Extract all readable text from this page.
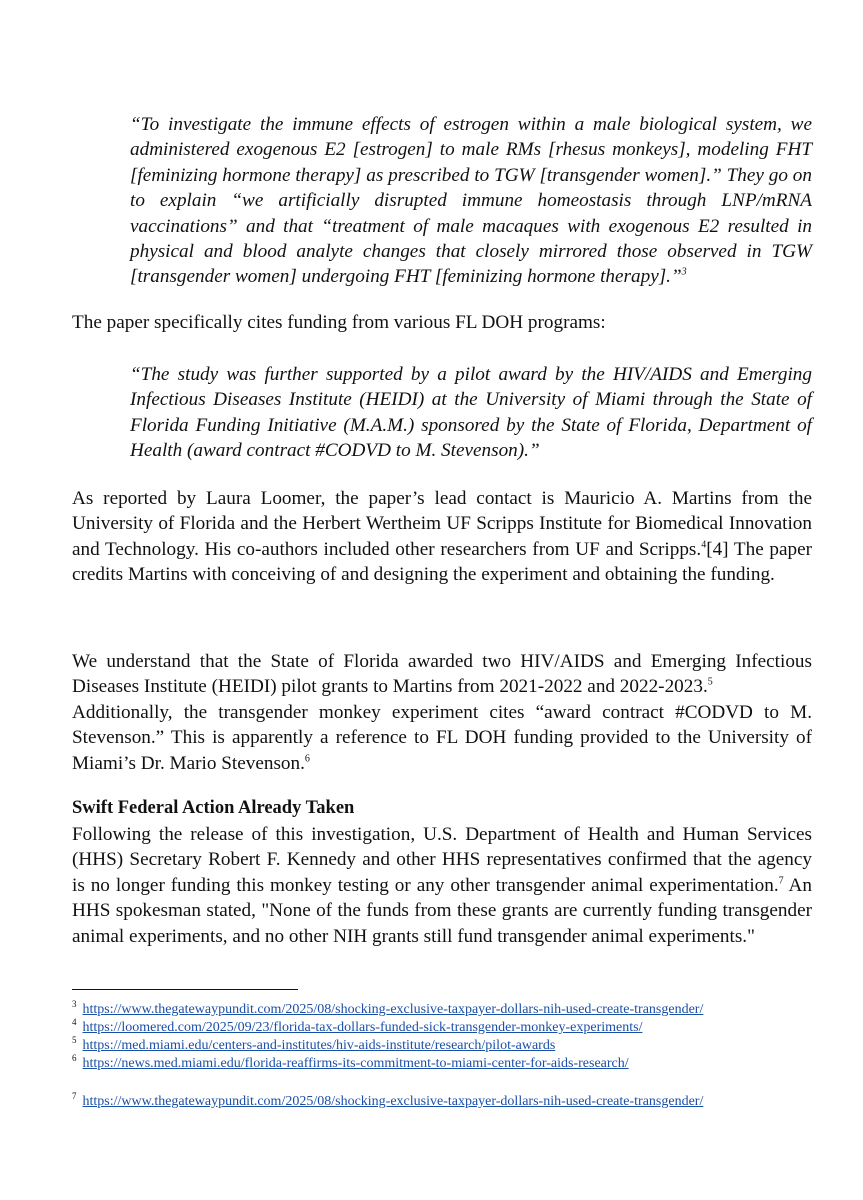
“To investigate the immune effects of estrogen within a male biological system, we administered exogenous E2 [estrogen] to male RMs [rhesus monkeys], modeling FHT [feminizing hormone therapy] as prescribed to TGW [transgender women].” They go on to explain “we artificially disrupted immune homeostasis through LNP/mRNA vaccinations” and that “treatment of male macaques with exogenous E2 resulted in physical and blood analyte changes that closely mirrored those observed in TGW [transgender women] undergoing FHT [feminizing hormone therapy].”$^3$
The paper specifically cites funding from various FL DOH programs:
“The study was further supported by a pilot award by the HIV/AIDS and Emerging Infectious Diseases Institute (HEIDI) at the University of Miami through the State of Florida Funding Initiative (M.A.M.) sponsored by the State of Florida, Department of Health (award contract #CODVD to M. Stevenson).”
As reported by Laura Loomer, the paper’s lead contact is Mauricio A. Martins from the University of Florida and the Herbert Wertheim UF Scripps Institute for Biomedical Innovation and Technology. His co-authors included other researchers from UF and Scripps.$^4$[4] The paper credits Martins with conceiving of and designing the experiment and obtaining the funding.
We understand that the State of Florida awarded two HIV/AIDS and Emerging Infectious Diseases Institute (HEIDI) pilot grants to Martins from 2021-2022 and 2022-2023.$^5$
Additionally, the transgender monkey experiment cites “award contract #CODVD to M. Stevenson.” This is apparently a reference to FL DOH funding provided to the University of Miami’s Dr. Mario Stevenson.$^6$
Swift Federal Action Already Taken
Following the release of this investigation, U.S. Department of Health and Human Services (HHS) Secretary Robert F. Kennedy and other HHS representatives confirmed that the agency is no longer funding this monkey testing or any other transgender animal experimentation.$^7$ An HHS spokesman stated, "None of the funds from these grants are currently funding transgender animal experiments, and no other NIH grants still fund transgender animal experiments."
$^3$ https://www.thegatewaypundit.com/2025/08/shocking-exclusive-taxpayer-dollars-nih-used-create-transgender/
$^4$ https://loomered.com/2025/09/23/florida-tax-dollars-funded-sick-transgender-monkey-experiments/
$^5$ https://med.miami.edu/centers-and-institutes/hiv-aids-institute/research/pilot-awards
$^6$ https://news.med.miami.edu/florida-reaffirms-its-commitment-to-miami-center-for-aids-research/
$^7$ https://www.thegatewaypundit.com/2025/08/shocking-exclusive-taxpayer-dollars-nih-used-create-transgender/
